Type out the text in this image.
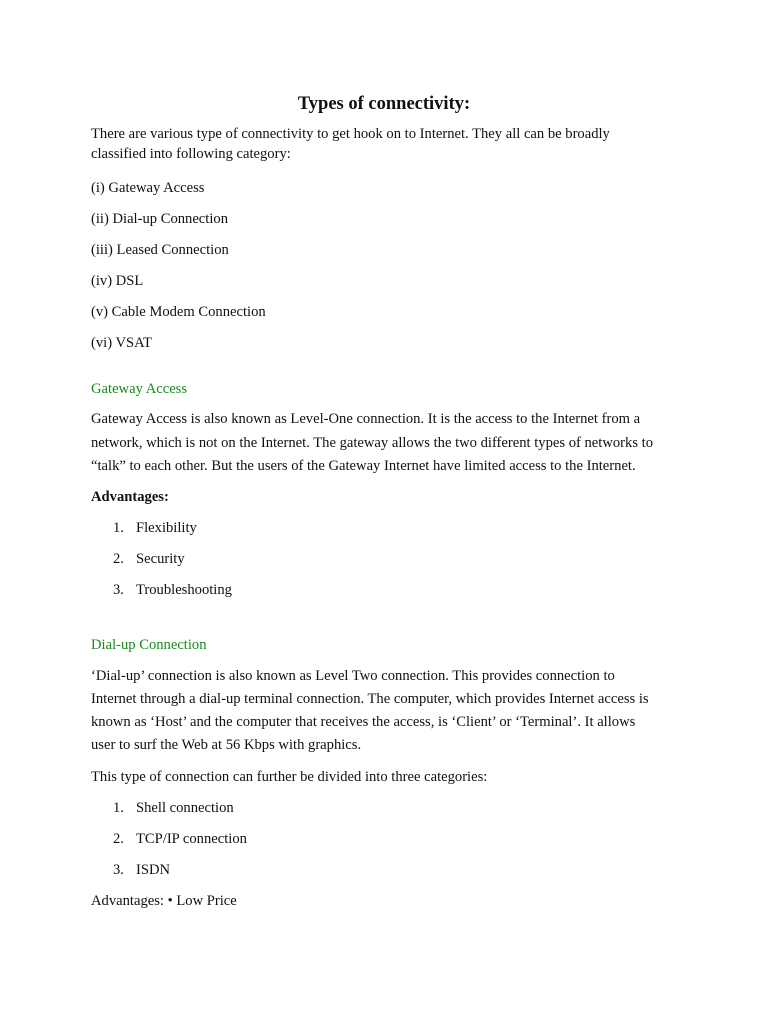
Types of connectivity:
There are various type of connectivity to get hook on to Internet. They all can be broadly
classified into following category:
(i) Gateway Access
(ii) Dial-up Connection
(iii) Leased Connection
(iv) DSL
(v) Cable Modem Connection
(vi) VSAT
Gateway Access
Gateway Access is also known as Level-One connection. It is the access to the Internet from a
network, which is not on the Internet. The gateway allows the two different types of networks to
“talk” to each other. But the users of the Gateway Internet have limited access to the Internet.
Advantages:
1. Flexibility
2. Security
3. Troubleshooting
Dial-up Connection
‘Dial-up’ connection is also known as Level Two connection. This provides connection to
Internet through a dial-up terminal connection. The computer, which provides Internet access is
known as ‘Host’ and the computer that receives the access, is ‘Client’ or ‘Terminal’. It allows
user to surf the Web at 56 Kbps with graphics.
This type of connection can further be divided into three categories:
1. Shell connection
2. TCP/IP connection
3. ISDN
Advantages: • Low Price
